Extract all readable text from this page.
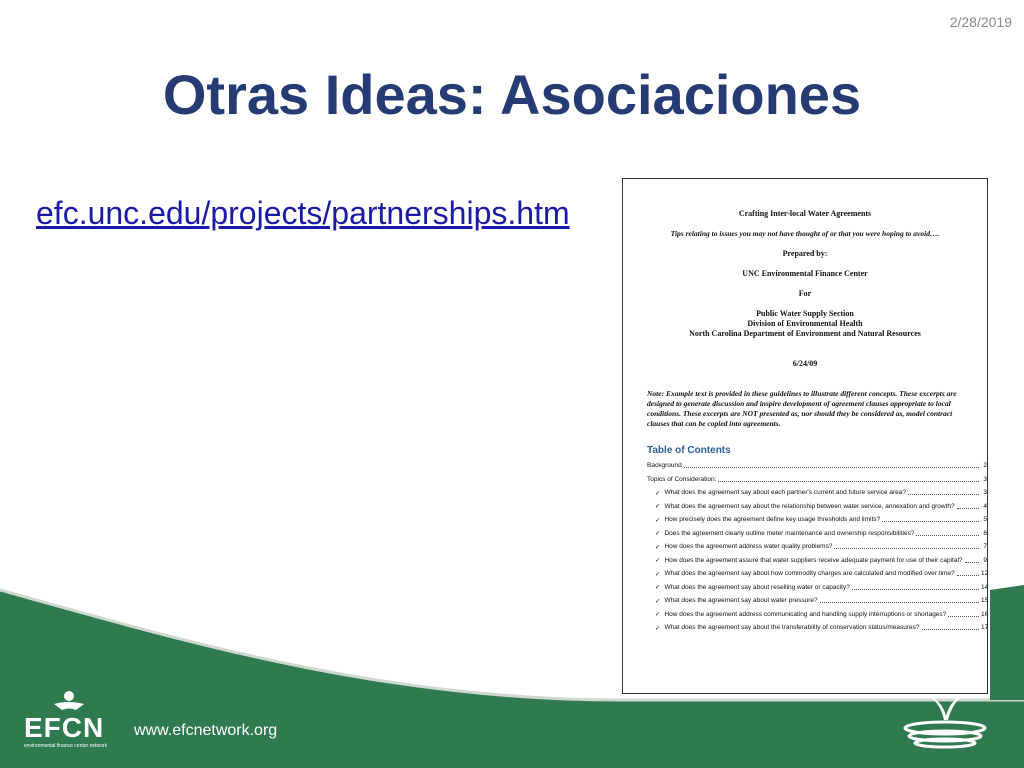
2/28/2019
Otras Ideas: Asociaciones
efc.unc.edu/projects/partnerships.htm	Crafting Inter-local Water Agreements
Tips relating to issues you may not have thought of or that you were hoping to avoid….
Prepared by:
UNC Environmental Finance Center
For
Public Water Supply Section
Division of Environmental Health
North Carolina Department of Environment and Natural Resources
6/24/09
Note: Example text is provided in these guidelines to illustrate different concepts. These excerpts are designed to generate discussion and inspire development of agreement clauses appropriate to local conditions. These excerpts are NOT presented as, nor should they be considered as, model contract clauses that can be copied into agreements.
Table of Contents
Background	2
Topics of Consideration:	3
✓ What does the agreement say about each partner's current and future service area?	3
✓ What does the agreement say about the relationship between water service, annexation and growth?	4
✓ How precisely does the agreement define key usage thresholds and limits?	5
✓ Does the agreement clearly outline meter maintenance and ownership responsibilities?	6
✓ How does the agreement address water quality problems?	7
✓ How does the agreement assure that water suppliers receive adequate payment for use of their capital?	9
✓ What does the agreement say about how commodity charges are calculated and modified over time?	12
✓ What does the agreement say about reselling water or capacity?	14
✓ What does the agreement say about water pressure?	15
✓ How does the agreement address communicating and handling supply interruptions or shortages?	16
✓ What does the agreement say about the transferability of conservation status/measures?	17
EFCN
environmental finance center network
www.efcnetwork.org
